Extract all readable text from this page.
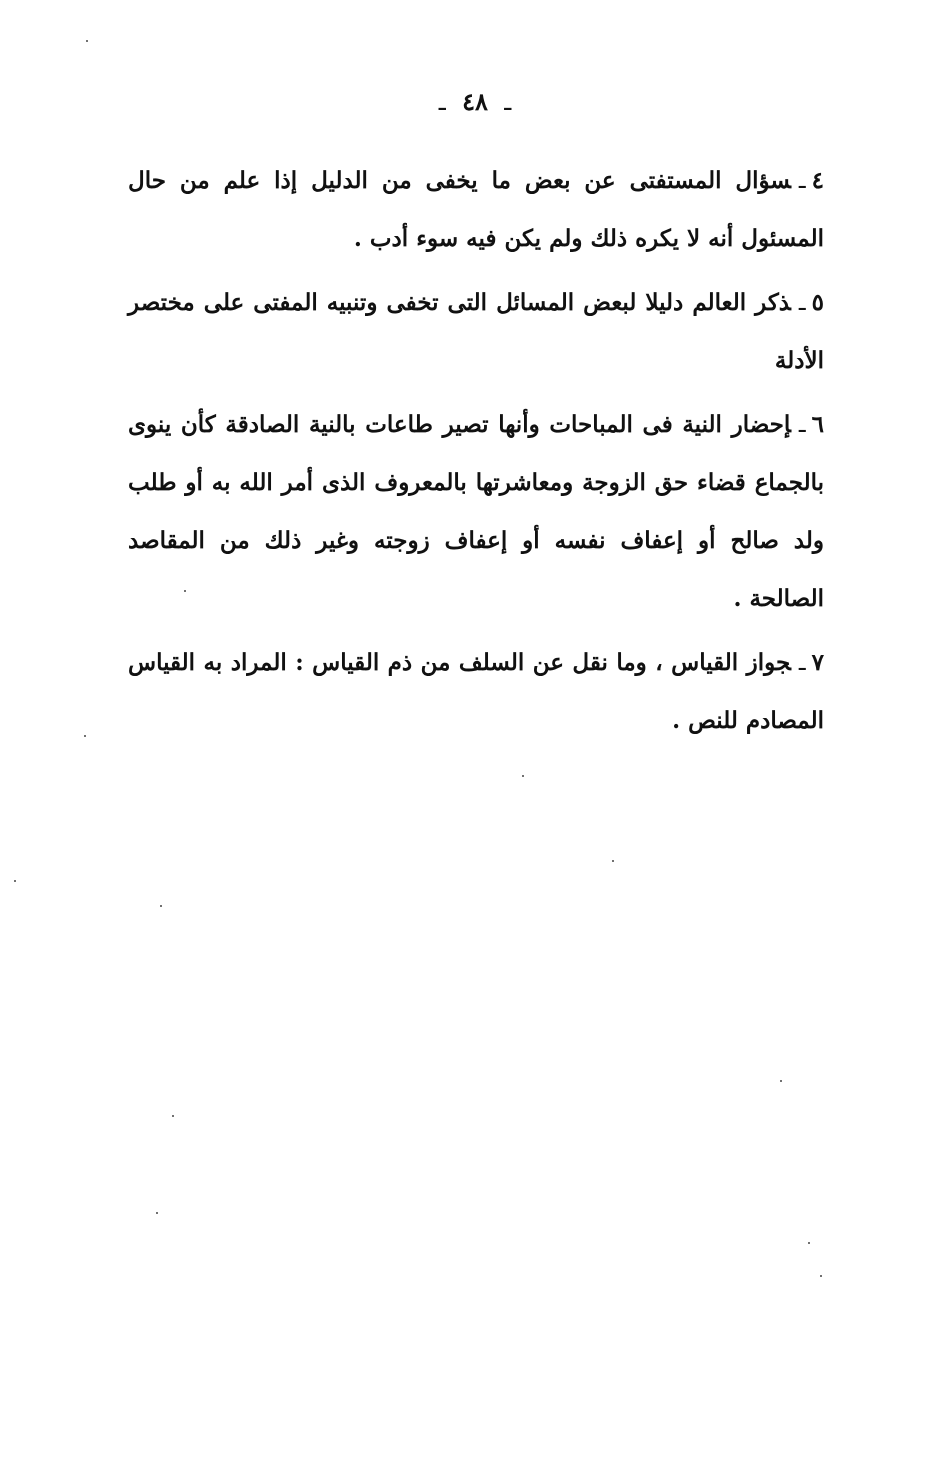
ـ ٤٨ ـ

٤ـسؤال المستفتى عن بعض ما يخفى من الدليل إذا علم من حال المسئول أنه لا يكره ذلك ولم يكن فيه سوء أدب .

٥ـذكر العالم دليلا لبعض المسائل التى تخفى وتنبيه المفتى على مختصر الأدلة

٦ـإحضار النية فى المباحات وأنها تصير طاعات بالنية الصادقة كأن ينوى بالجماع قضاء حق الزوجة ومعاشرتها بالمعروف الذى أمر الله به أو طلب ولد صالح أو إعفاف نفسه أو إعفاف زوجته وغير ذلك من المقاصد الصالحة .

٧ـجواز القياس ، وما نقل عن السلف من ذم القياس : المراد به القياس المصادم للنص .
